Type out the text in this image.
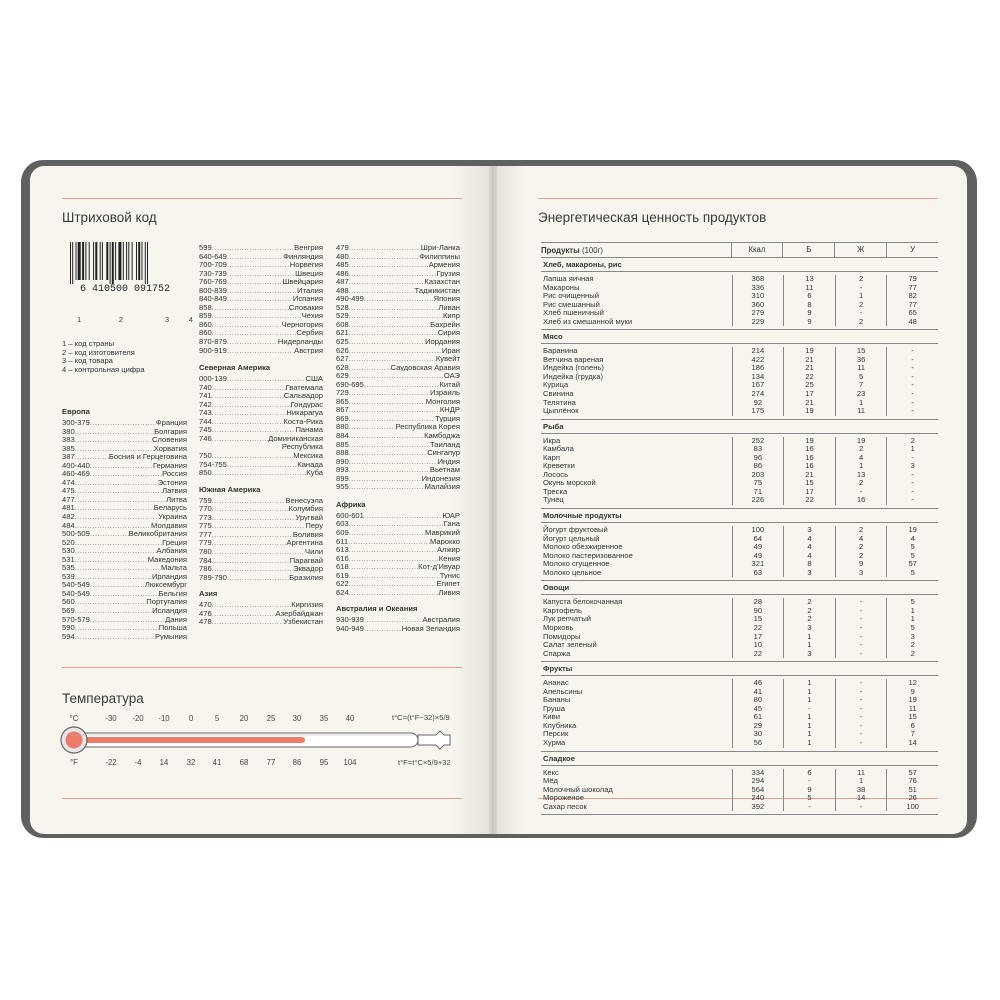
Штриховой код
6 410500 091752
1	2	3	4
1 – код страны
2 – код изготовителя
3 – код товара
4 – контрольная цифра
Европа
300-379 .....	Франция
380 .....	Болгария
383 .....	Словения
385 .....	Хорватия
387 .....	Босния и Герцеговина
400-440 .....	Германия
460-469 .....	Россия
474 .....	Эстония
475 .....	Латвия
477 .....	Литва
481 .....	Беларусь
482 .....	Украина
484 .....	Молдавия
500-509 .....	Великобритания
520 .....	Греция
530 .....	Албания
531 .....	Македония
535 .....	Мальта
539 .....	Ирландия
540-549 .....	Люксембург
540-549 .....	Бельгия
560 .....	Португалия
569 .....	Исландия
570-579 .....	Дания
590 .....	Польша
594 .....	Румыния
599 .....	Венгрия
640-649 .....	Финляндия
700-709 .....	Норвегия
730-739 .....	Швеция
760-769 .....	Швейцария
800-839 .....	Италия
840-849 .....	Испания
858 .....	Словакия
859 .....	Чехия
860 .....	Черногория
860 .....	Сербия
870-879 .....	Нидерланды
900-919 .....	Австрия
Северная Америка
000-139 .....	США
740 .....	Гватемала
741 .....	Сальвадор
742 .....	Гондурас
743 .....	Никарагуа
744 .....	Коста-Рика
745 .....	Панама
746 .....	Доминиканская
Республика
750 .....	Мексика
754-755 .....	Канада
850 .....	Куба
Южная Америка
759 .....	Венесуэла
770 .....	Колумбия
773 .....	Уругвай
775 .....	Перу
777 .....	Боливия
779 .....	Аргентина
780 .....	Чили
784 .....	Парагвай
786 .....	Эквадор
789-790 .....	Бразилия
Азия
470 .....	Киргизия
476 .....	Азербайджан
478 .....	Узбекистан
479 .....	Шри-Ланка
480 .....	Филиппины
485 .....	Армения
486 .....	Грузия
487 .....	Казахстан
488 .....	Таджикистан
490-499 .....	Япония
528 .....	Ливан
529 .....	Кипр
608 .....	Бахрейн
621 .....	Сирия
625 .....	Иордания
626 .....	Иран
627 .....	Кувейт
628 .....	Саудовская Аравия
629 .....	ОАЭ
690-695 .....	Китай
729 .....	Израиль
865 .....	Монголия
867 .....	КНДР
869 .....	Турция
880 .....	Республика Корея
884 .....	Камбоджа
885 .....	Таиланд
888 .....	Сингапур
890 .....	Индия
893 .....	Вьетнам
899 .....	Индонезия
955 .....	Малайзия
Африка
600-601 .....	ЮАР
603 .....	Гана
609 .....	Маврикий
611 .....	Марокко
613 .....	Алжир
616 .....	Кения
618 .....	Кот-д'Ивуар
619 .....	Тунис
622 .....	Египет
624 .....	Ливия
Австралия и Океания
930-939 .....	Австралия
940-949 .....	Новая Зеландия
Температура
°C
°F
-30 -20 -10 0	5	20 25 30 35 40
-22 -4 14 32 41 68 77 86 95 104
t°C=(t°F−32)×5/9
t°F=t°C×5/9+32
Энергетическая ценность продуктов
Продукты (100г)	Ккал	Б	Ж	У
Хлеб, макароны, рис
Лапша яичная	368	13	2	79
Макароны	336	11	-	77
Рис очищенный	310	6	1	82
Рис смешанный	360	8	2	77
Хлеб пшеничный	279	9	-	65
Хлеб из смешанной муки	229	9	2	48
Мясо
Баранина	214	19	15	-
Ветчина вареная	422	21	36	-
Индейка (голень)	186	21	11	-
Индейка (грудка)	134	22	5	-
Курица	167	25	7	-
Свинина	274	17	23	-
Телятина	92	21	1	-
Цыплёнок	175	19	11	-
Рыба
Икра	252	19	19	2
Камбала	83	16	2	1
Карп	96	16	4	-
Креветки	86	16	1	3
Лосось	203	21	13	-
Окунь морской	75	15	2	-
Треска	71	17	-	-
Тунец	226	22	16	-
Молочные продукты
Йогурт фруктовый	100	3	2	19
Йогурт цельный	64	4	4	4
Молоко обезжиренное	49	4	2	5
Молоко пастеризованное	49	4	2	5
Молоко сгущенное	321	8	9	57
Молоко цельное	63	3	3	5
Овощи
Капуста белокочанная	28	2	-	5
Картофель	90	2	-	1
Лук репчатый	15	2	-	1
Морковь	22	3	-	5
Помидоры	17	1	-	3
Салат зеленый	10	1	-	2
Спаржа	22	3	-	2
Фрукты
Ананас	46	1	-	12
Апельсины	41	1	-	9
Бананы	80	1	-	19
Груша	45	-	-	11
Киви	61	1	-	15
Клубника	29	1	-	6
Персик	30	1	-	7
Хурма	56	1	-	14
Сладкое
Кекс	334	6	11	57
Мёд	294	-	1	76
Молочный шоколад	564	9	38	51
Мороженое	240	5	14	26
Сахар песок	392	-	-	100
